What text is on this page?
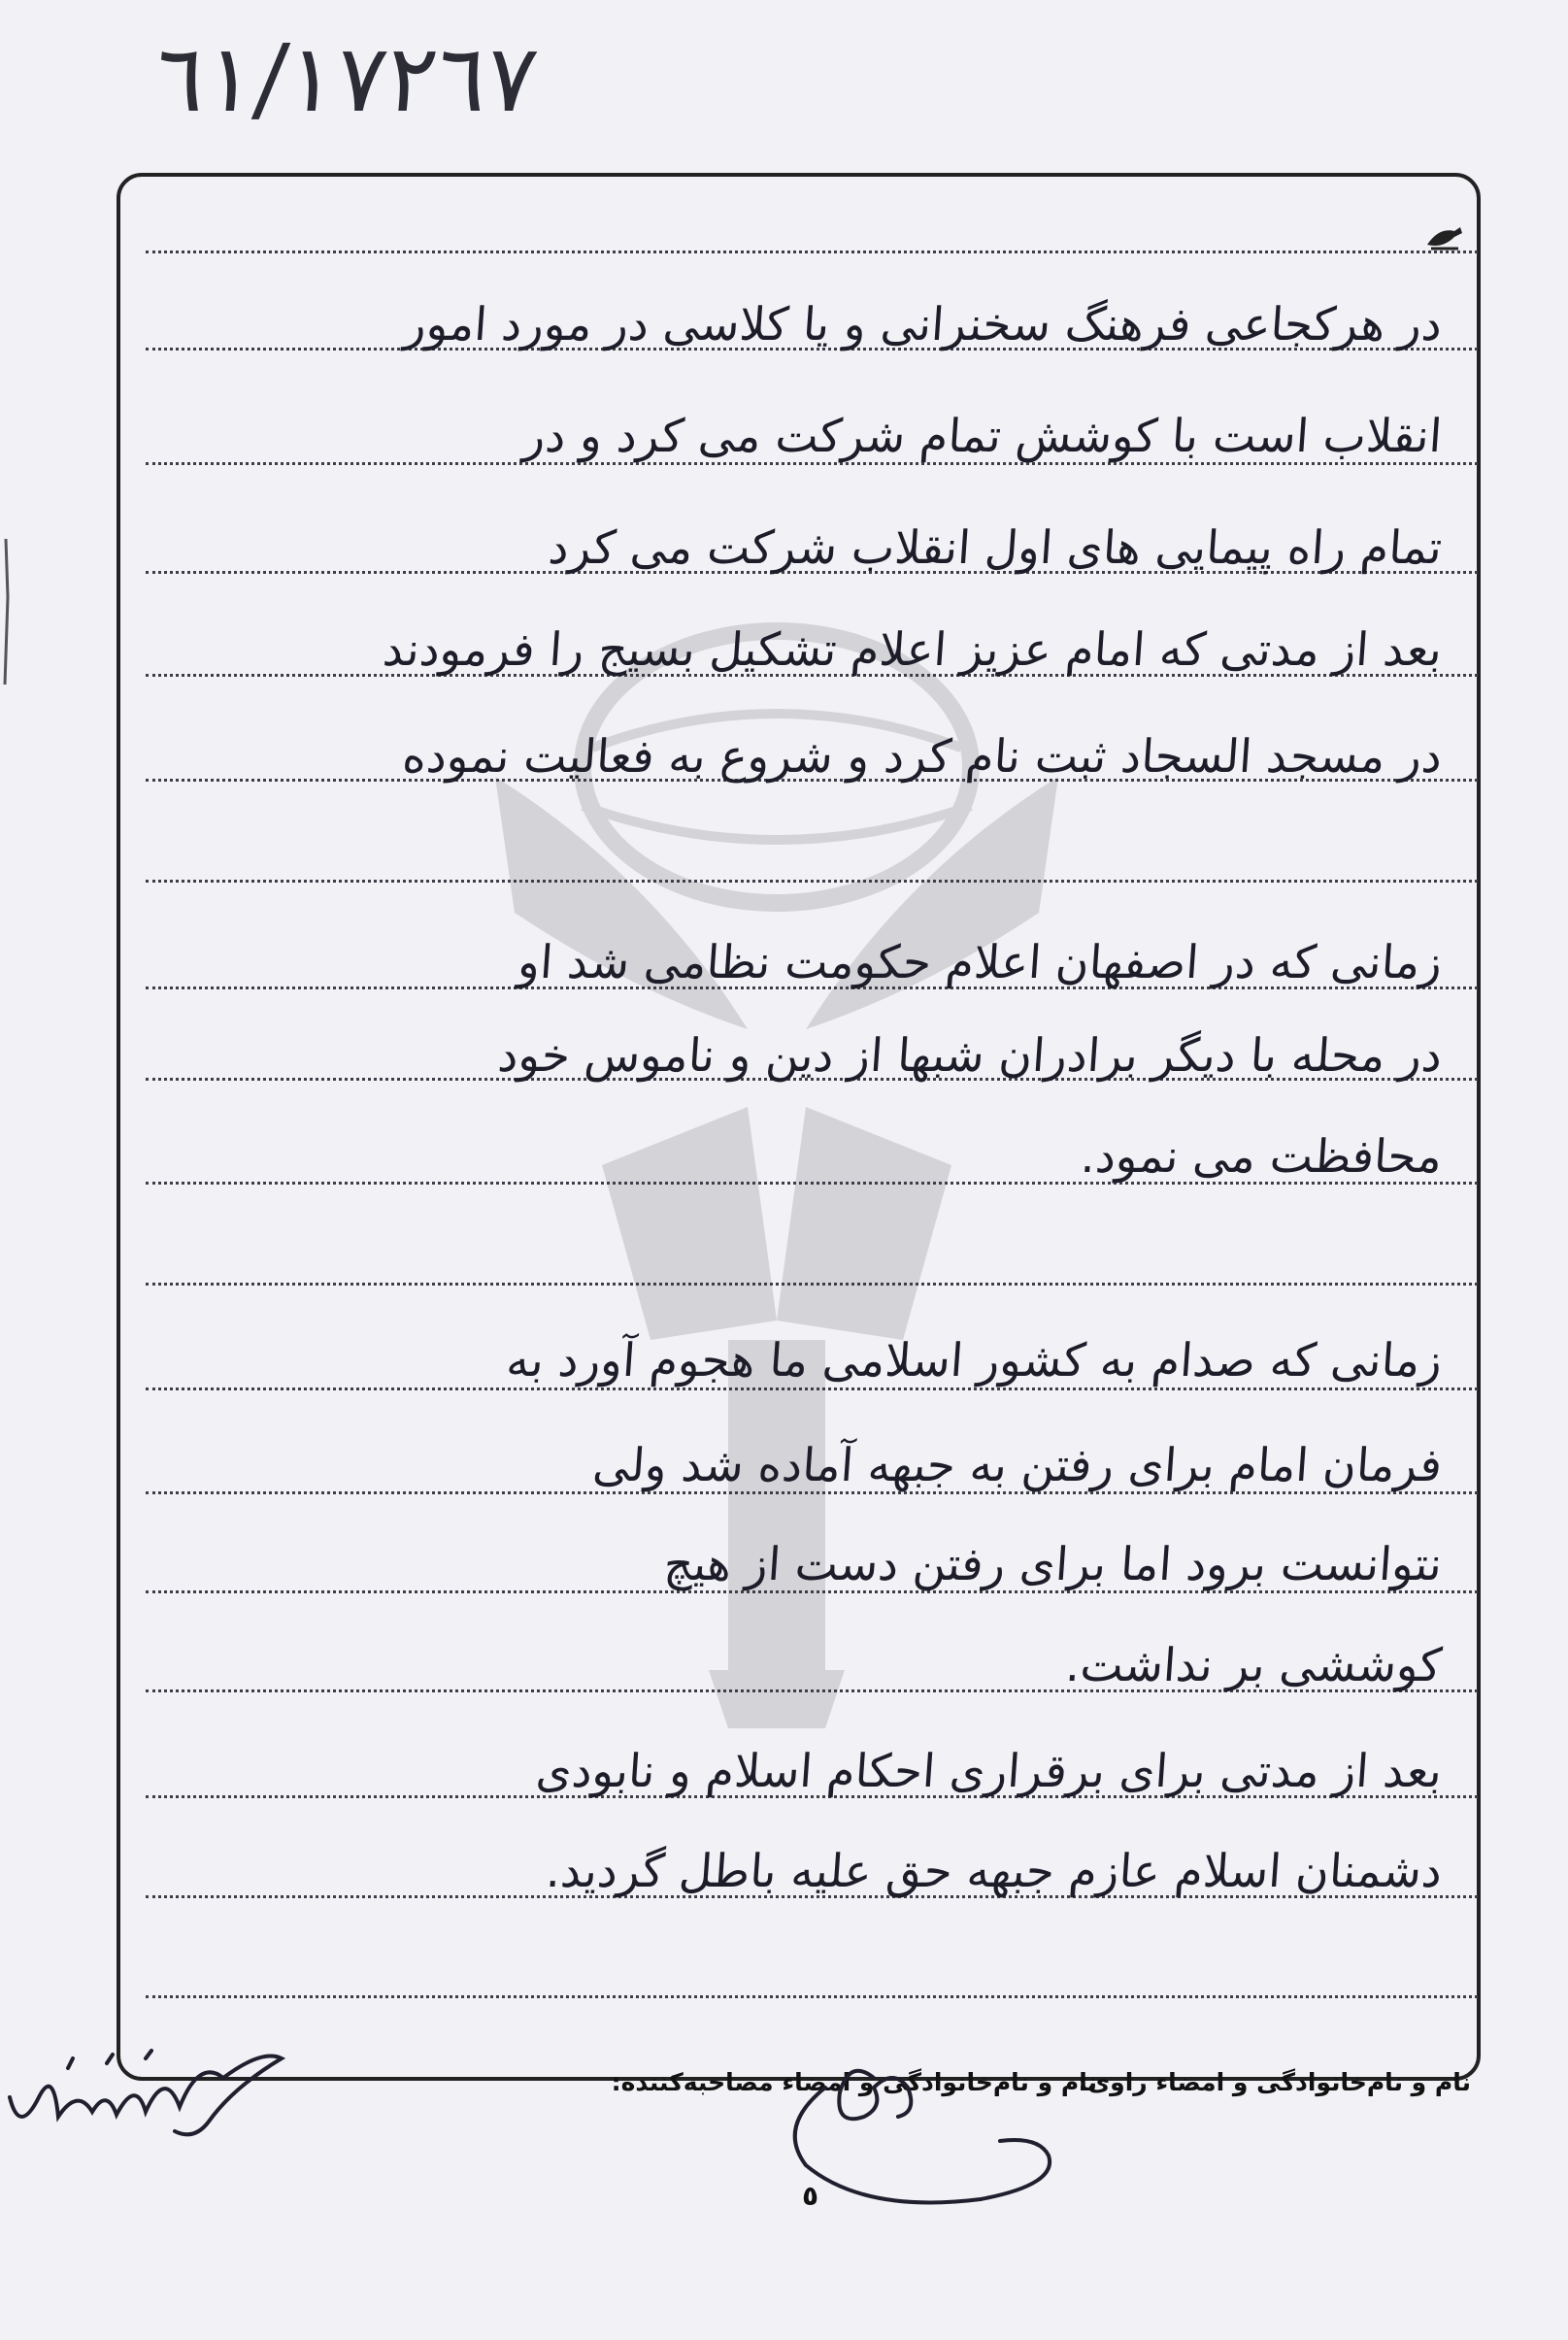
٦١/١٧٢٦٧
در هرکجاعی فرهنگ سخنرانی و یا کلاسی در مورد امور
انقلاب است با کوشش تمام شرکت می کرد و در
تمام راه پیمایی های اول انقلاب شرکت می کرد
بعد از مدتی که امام عزیز اعلام تشکیل بسیج را فرمودند
در مسجد السجاد ثبت نام کرد و شروع به فعالیت نموده
زمانی که در اصفهان اعلام حکومت نظامی شد او
در محله با دیگر برادران شبها از دین و ناموس خود
محافظت می نمود.
زمانی که صدام به کشور اسلامی ما هجوم آورد به
فرمان امام برای رفتن به جبهه آماده شد ولی
نتوانست برود اما برای رفتن دست از هیچ
کوششی بر نداشت.
بعد از مدتی برای برقراری احکام اسلام و نابودی
دشمنان اسلام عازم جبهه حق علیه باطل گردید.
نام و نام‌خانوادگی و امضاء راوی:
نام و نام‌خانوادگی و امضاء مصاحبه‌کننده:
٥
